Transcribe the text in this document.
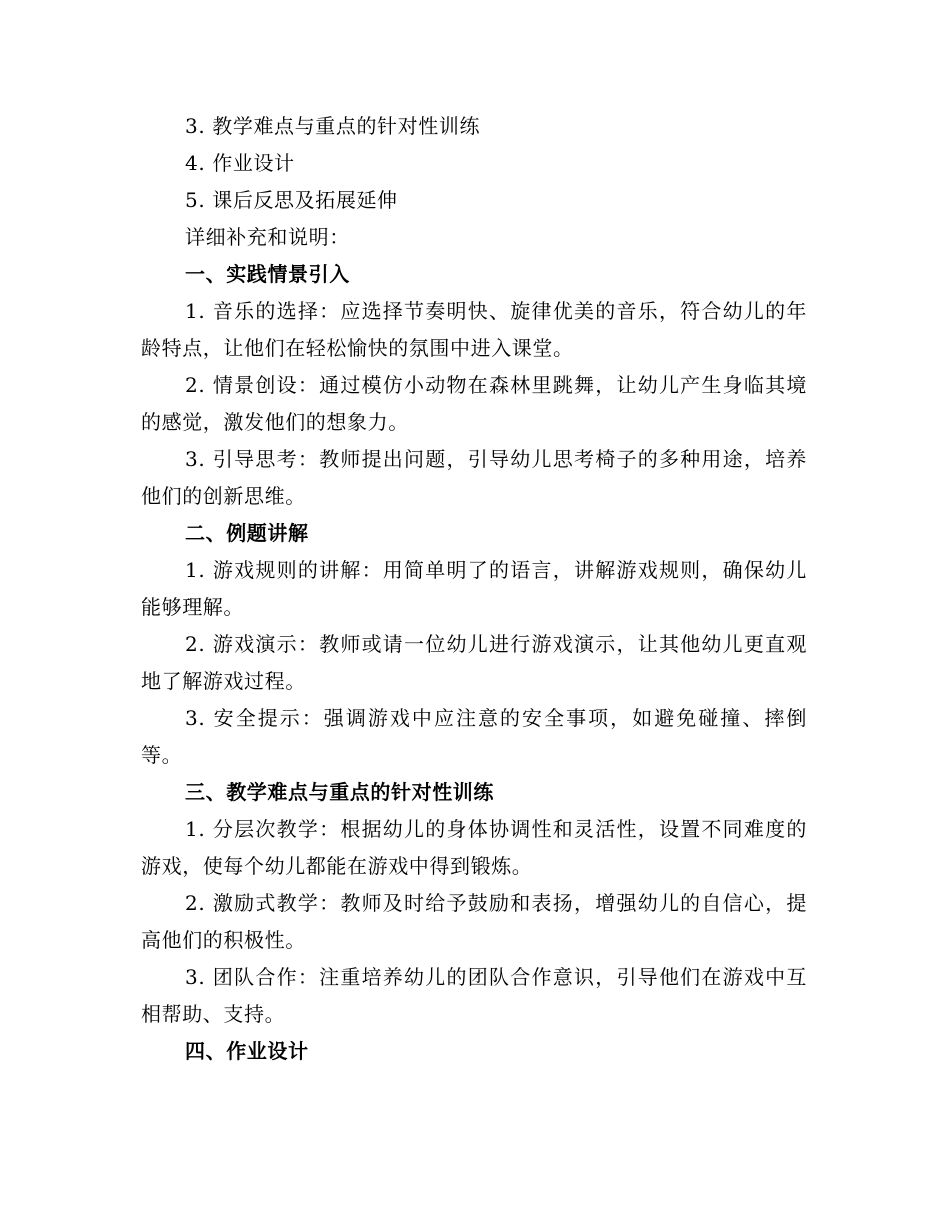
3. 教学难点与重点的针对性训练

4. 作业设计

5. 课后反思及拓展延伸

详细补充和说明：

一、实践情景引入

1. 音乐的选择：应选择节奏明快、旋律优美的音乐，符合幼儿的年龄特点，让他们在轻松愉快的氛围中进入课堂。

2. 情景创设：通过模仿小动物在森林里跳舞，让幼儿产生身临其境的感觉，激发他们的想象力。

3. 引导思考：教师提出问题，引导幼儿思考椅子的多种用途，培养他们的创新思维。

二、例题讲解

1. 游戏规则的讲解：用简单明了的语言，讲解游戏规则，确保幼儿能够理解。

2. 游戏演示：教师或请一位幼儿进行游戏演示，让其他幼儿更直观地了解游戏过程。

3. 安全提示：强调游戏中应注意的安全事项，如避免碰撞、摔倒等。

三、教学难点与重点的针对性训练

1. 分层次教学：根据幼儿的身体协调性和灵活性，设置不同难度的游戏，使每个幼儿都能在游戏中得到锻炼。

2. 激励式教学：教师及时给予鼓励和表扬，增强幼儿的自信心，提高他们的积极性。

3. 团队合作：注重培养幼儿的团队合作意识，引导他们在游戏中互相帮助、支持。

四、作业设计
